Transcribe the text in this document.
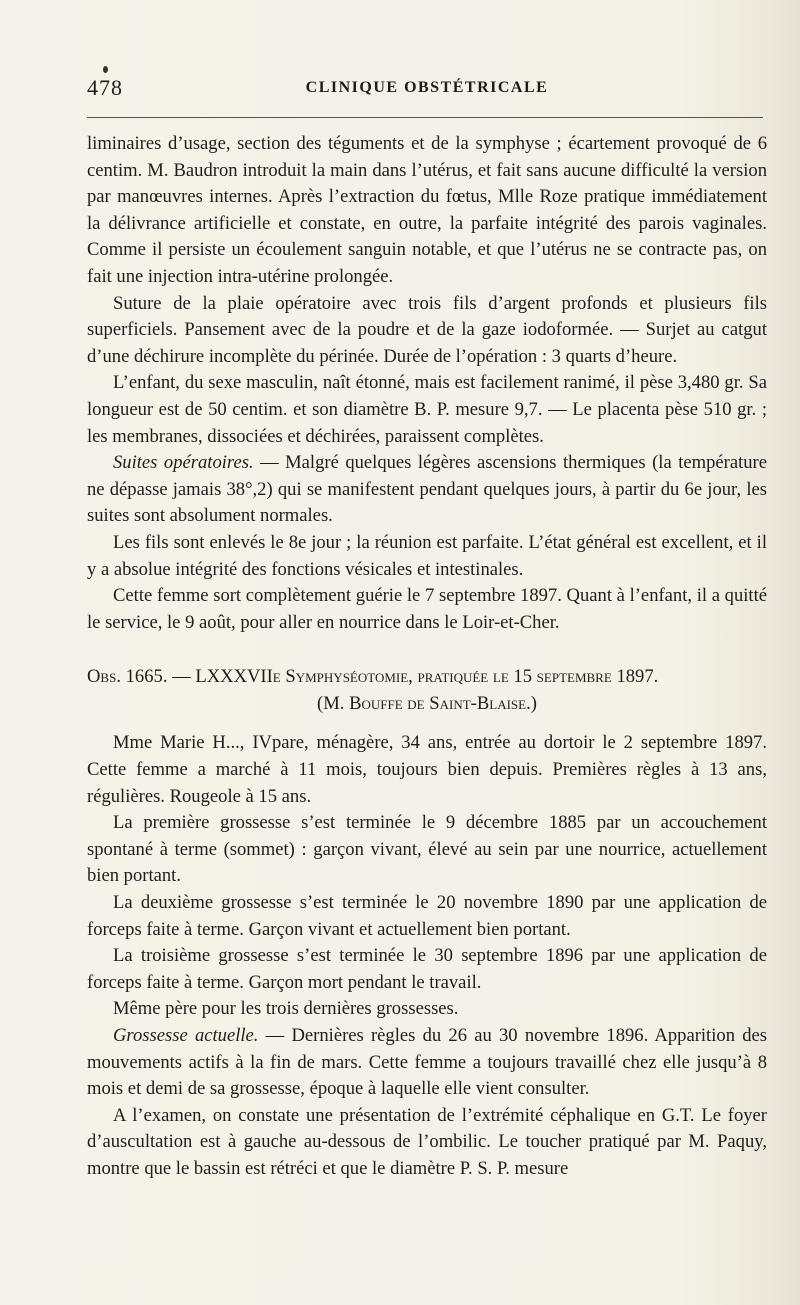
478	CLINIQUE OBSTÉTRICALE

liminaires d’usage, section des téguments et de la symphyse ; écartement provoqué de 6 centim. M. Baudron introduit la main dans l’utérus, et fait sans aucune difficulté la version par manœuvres internes. Après l’extraction du fœtus, Mlle Roze pratique immédiatement la délivrance artificielle et constate, en outre, la parfaite intégrité des parois vaginales. Comme il persiste un écoulement sanguin notable, et que l’utérus ne se contracte pas, on fait une injection intra-utérine prolongée.

Suture de la plaie opératoire avec trois fils d’argent profonds et plusieurs fils superficiels. Pansement avec de la poudre et de la gaze iodoformée. — Surjet au catgut d’une déchirure incomplète du périnée. Durée de l’opération : 3 quarts d’heure.

L’enfant, du sexe masculin, naît étonné, mais est facilement ranimé, il pèse 3,480 gr. Sa longueur est de 50 centim. et son diamètre B. P. mesure 9,7. — Le placenta pèse 510 gr. ; les membranes, dissociées et déchirées, paraissent complètes.

Suites opératoires. — Malgré quelques légères ascensions thermiques (la température ne dépasse jamais 38°,2) qui se manifestent pendant quelques jours, à partir du 6e jour, les suites sont absolument normales.

Les fils sont enlevés le 8e jour ; la réunion est parfaite. L’état général est excellent, et il y a absolue intégrité des fonctions vésicales et intestinales.

Cette femme sort complètement guérie le 7 septembre 1897. Quant à l’enfant, il a quitté le service, le 9 août, pour aller en nourrice dans le Loir-et-Cher.

Obs. 1665. — LXXXVIIe Symphyséotomie, pratiquée le 15 septembre 1897.

(M. Bouffe de Saint-Blaise.)

Mme Marie H..., IVpare, ménagère, 34 ans, entrée au dortoir le 2 septembre 1897. Cette femme a marché à 11 mois, toujours bien depuis. Premières règles à 13 ans, régulières. Rougeole à 15 ans.

La première grossesse s’est terminée le 9 décembre 1885 par un accouchement spontané à terme (sommet) : garçon vivant, élevé au sein par une nourrice, actuellement bien portant.

La deuxième grossesse s’est terminée le 20 novembre 1890 par une application de forceps faite à terme. Garçon vivant et actuellement bien portant.

La troisième grossesse s’est terminée le 30 septembre 1896 par une application de forceps faite à terme. Garçon mort pendant le travail.

Même père pour les trois dernières grossesses.

Grossesse actuelle. — Dernières règles du 26 au 30 novembre 1896. Apparition des mouvements actifs à la fin de mars. Cette femme a toujours travaillé chez elle jusqu’à 8 mois et demi de sa grossesse, époque à laquelle elle vient consulter.

A l’examen, on constate une présentation de l’extrémité céphalique en G.T. Le foyer d’auscultation est à gauche au-dessous de l’ombilic. Le toucher pratiqué par M. Paquy, montre que le bassin est rétréci et que le diamètre P. S. P. mesure
